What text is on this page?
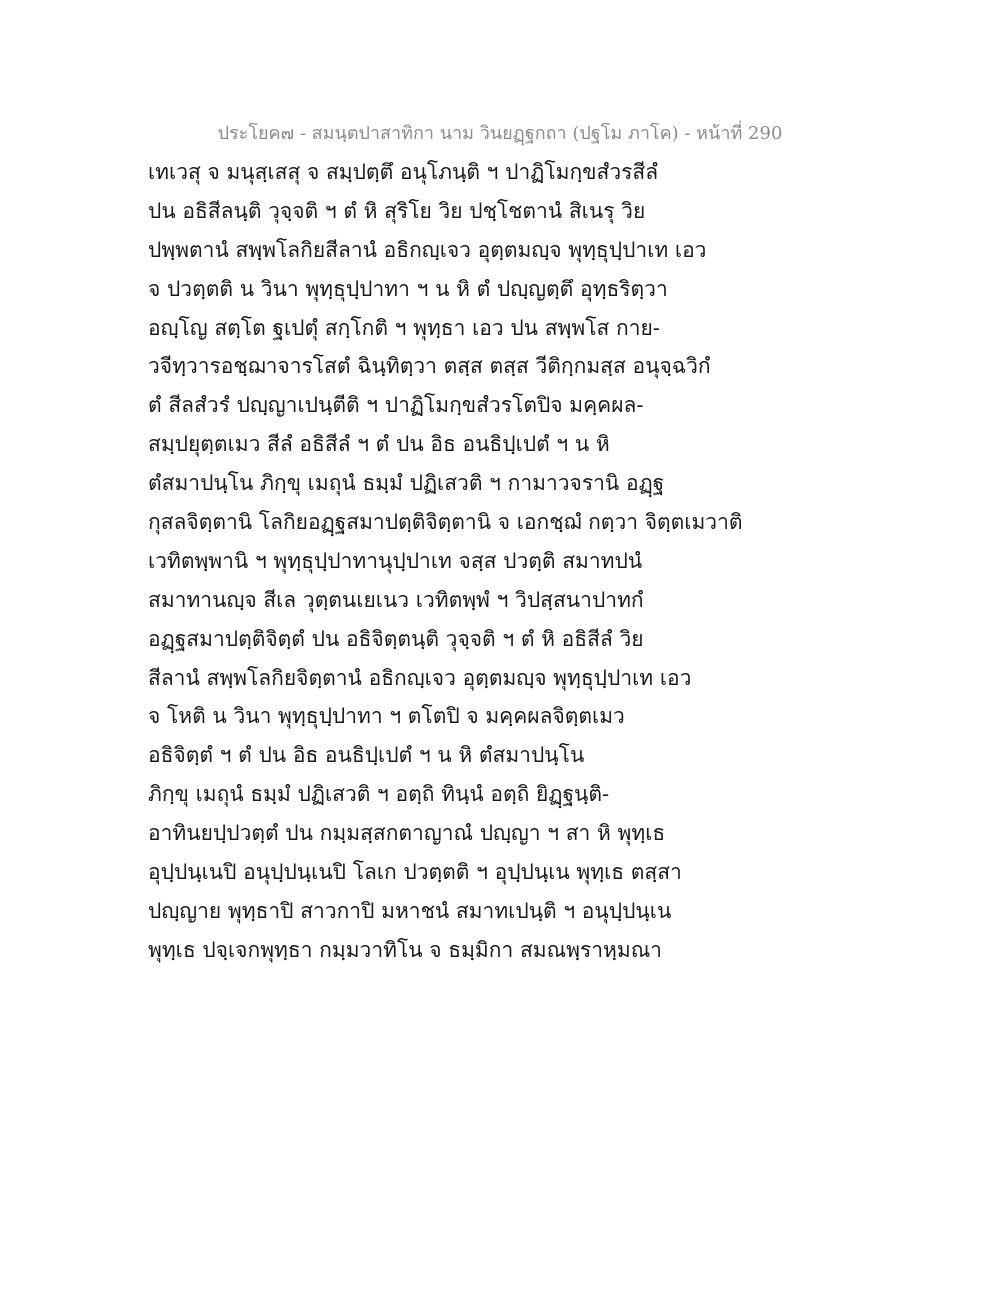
ประโยค๗ - สมนฺตปาสาทิกา นาม วินยฏฺฐกถา (ปฐโม ภาโค) - หน้าที่ 290
เทเวสุ จ มนุสฺเสสุ จ สมฺปตฺตึ อนุโภนฺติ ฯ ปาฏิโมกฺขสํวรสีลํ
ปน อธิสีลนฺติ วุจฺจติ ฯ ตํ หิ สุริโย วิย ปชฺโชตานํ สิเนรุ วิย
ปพฺพตานํ สพฺพโลกิยสีลานํ อธิกญฺเจว อุตฺตมญฺจ พุทฺธุปฺปาเท เอว
จ ปวตฺตติ น วินา พุทฺธุปฺปาทา ฯ น หิ ตํ ปญฺญตฺตึ อุทฺธริตฺวา
อญฺโญ สตฺโต ฐเปตุํ สกฺโกติ ฯ พุทฺธา เอว ปน สพฺพโส กาย-
วจีทฺวารอชฺฌาจารโสตํ ฉินฺทิตฺวา ตสฺส ตสฺส วีติกฺกมสฺส อนุจฺฉวิกํ
ตํ สีลสํวรํ ปญฺญาเปนฺตีติ ฯ ปาฏิโมกฺขสํวรโตปิจ มคฺคผล-
สมฺปยุตฺตเมว สีลํ อธิสีลํ ฯ ตํ ปน อิธ อนธิปฺเปตํ ฯ น หิ
ตํสมาปนฺโน ภิกฺขุ เมถุนํ ธมฺมํ ปฏิเสวติ ฯ กามาวจรานิ อฏฺฐ
กุสลจิตฺตานิ โลกิยอฏฺฐสมาปตฺติจิตฺตานิ จ เอกชฺฌํ กตฺวา จิตฺตเมวาติ
เวทิตพฺพานิ ฯ พุทฺธุปฺปาทานุปฺปาเท จสฺส ปวตฺติ สมาทปนํ
สมาทานญฺจ สีเล วุตฺตนเยเนว เวทิตพฺพํ ฯ วิปสฺสนาปาทกํ
อฏฺฐสมาปตฺติจิตฺตํ ปน อธิจิตฺตนฺติ วุจฺจติ ฯ ตํ หิ อธิสีลํ วิย
สีลานํ สพฺพโลกิยจิตฺตานํ อธิกญฺเจว อุตฺตมญฺจ พุทฺธุปฺปาเท เอว
จ โหติ น วินา พุทฺธุปฺปาทา ฯ ตโตปิ จ มคฺคผลจิตฺตเมว
อธิจิตฺตํ ฯ ตํ ปน อิธ อนธิปฺเปตํ ฯ น หิ ตํสมาปนฺโน
ภิกฺขุ เมถุนํ ธมฺมํ ปฏิเสวติ ฯ อตฺถิ ทินฺนํ อตฺถิ ยิฏฺฐนฺติ-
อาทินยปฺปวตฺตํ ปน กมฺมสฺสกตาญาณํ ปญฺญา ฯ สา หิ พุทฺเธ
อุปฺปนฺเนปิ อนุปฺปนฺเนปิ โลเก ปวตฺตติ ฯ อุปฺปนฺเน พุทฺเธ ตสฺสา
ปญฺญาย พุทฺธาปิ สาวกาปิ มหาชนํ สมาทเปนฺติ ฯ อนุปฺปนฺเน
พุทฺเธ ปจฺเจกพุทฺธา กมฺมวาทิโน จ ธมฺมิกา สมณพฺราหฺมณา
